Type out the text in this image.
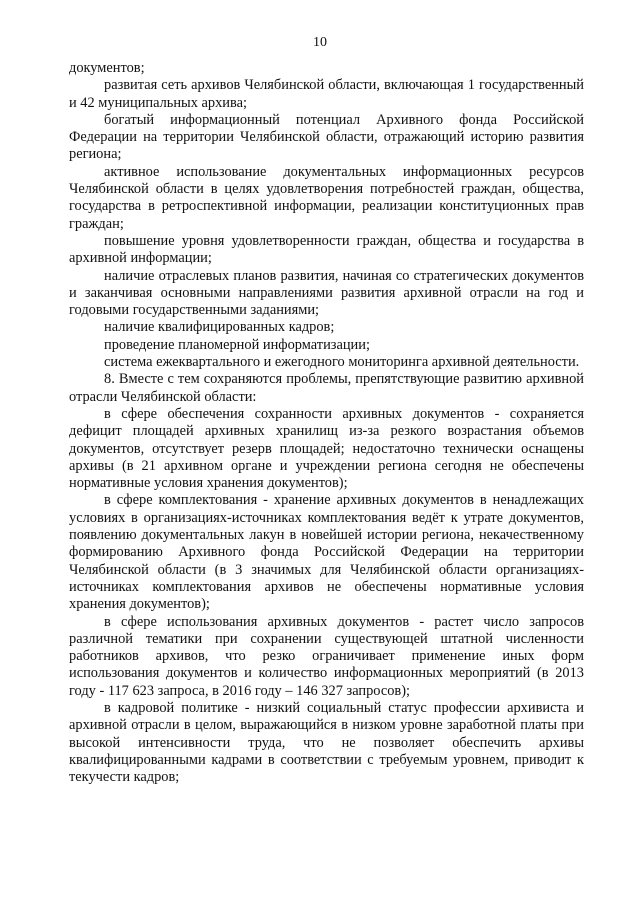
10

документов;

развитая сеть архивов Челябинской области, включающая 1 государственный и 42 муниципальных архива;

богатый информационный потенциал Архивного фонда Российской Федерации на территории Челябинской области, отражающий историю развития региона;

активное использование документальных информационных ресурсов Челябинской области в целях удовлетворения потребностей граждан, общества, государства в ретроспективной информации, реализации конституционных прав граждан;

повышение уровня удовлетворенности граждан, общества и государства в архивной информации;

наличие отраслевых планов развития, начиная со стратегических документов и заканчивая основными направлениями развития архивной отрасли на год и годовыми государственными заданиями;

наличие квалифицированных кадров;

проведение планомерной информатизации;

система ежеквартального и ежегодного мониторинга архивной деятельности.

8. Вместе с тем сохраняются проблемы, препятствующие развитию архивной отрасли Челябинской области:

в сфере обеспечения сохранности архивных документов - сохраняется дефицит площадей архивных хранилищ из-за резкого возрастания объемов документов, отсутствует резерв площадей; недостаточно технически оснащены архивы (в 21 архивном органе и учреждении региона сегодня не обеспечены нормативные условия хранения документов);

в сфере комплектования - хранение архивных документов в ненадлежащих условиях в организациях-источниках комплектования ведёт к утрате документов, появлению документальных лакун в новейшей истории региона, некачественному формированию Архивного фонда Российской Федерации на территории Челябинской области (в 3 значимых для Челябинской области организациях-источниках комплектования архивов не обеспечены нормативные условия хранения документов);

в сфере использования архивных документов - растет число запросов различной тематики при сохранении существующей штатной численности работников архивов, что резко ограничивает применение иных форм использования документов и количество информационных мероприятий (в 2013 году - 117 623 запроса, в 2016 году – 146 327 запросов);

в кадровой политике - низкий социальный статус профессии архивиста и архивной отрасли в целом, выражающийся в низком уровне заработной платы при высокой интенсивности труда, что не позволяет обеспечить архивы квалифицированными кадрами в соответствии с требуемым уровнем, приводит к текучести кадров;
